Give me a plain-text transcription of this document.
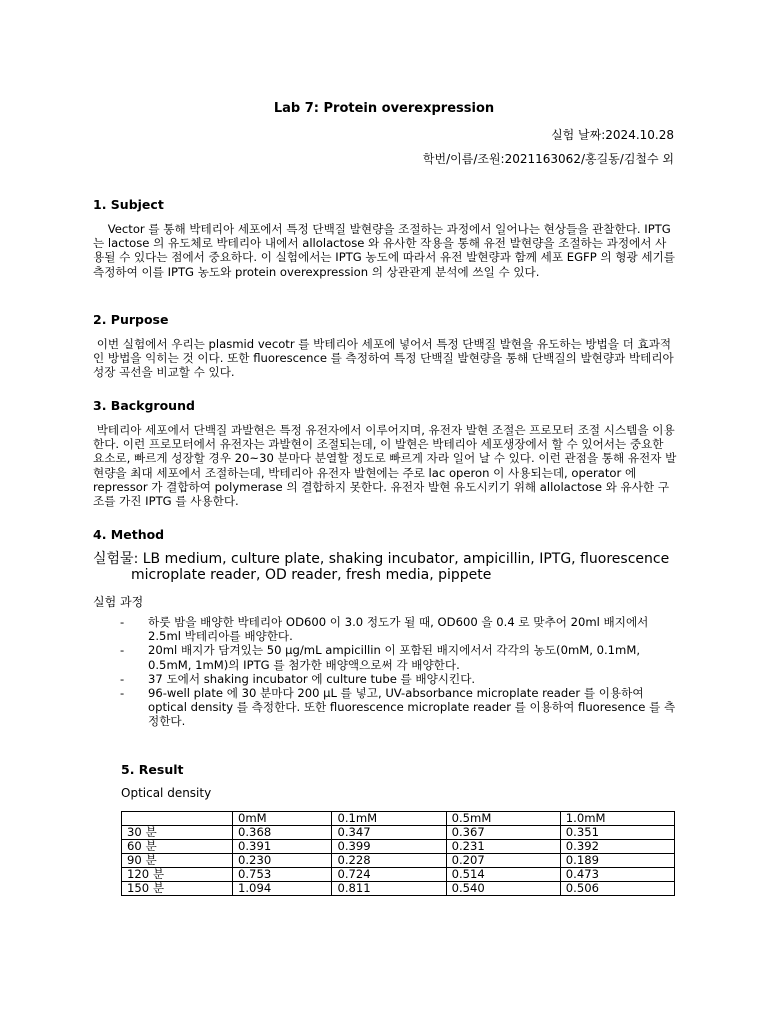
Lab 7: Protein overexpression
실험 날짜:2024.10.28
학번/이름/조원:2021163062/홍길동/김철수 외
1. Subject
Vector 를 통해 박테리아 세포에서 특정 단백질 발현량을 조절하는 과정에서 일어나는 현상들을 관찰한다. IPTG 는 lactose 의 유도체로 박테리아 내에서 allolactose 와 유사한 작용을 통해 유전 발현량을 조절하는 과정에서 사용될 수 있다는 점에서 중요하다. 이 실험에서는 IPTG 농도에 따라서 유전 발현량과 함께 세포 EGFP 의 형광 세기를 측정하여 이를 IPTG 농도와 protein overexpression 의 상관관계 분석에 쓰일 수 있다.
2. Purpose
이번 실험에서 우리는 plasmid vecotr 를 박테리아 세포에 넣어서 특정 단백질 발현을 유도하는 방법을 더 효과적인 방법을 익히는 것 이다. 또한 fluorescence 를 측정하여 특정 단백질 발현량을 통해 단백질의 발현량과 박테리아 성장 곡선을 비교할 수 있다.
3. Background
박테리아 세포에서 단백질 과발현은 특정 유전자에서 이루어지며, 유전자 발현 조절은 프로모터 조절 시스템을 이용한다. 이런 프로모터에서 유전자는 과발현이 조절되는데, 이 발현은 박테리아 세포생장에서 할 수 있어서는 중요한 요소로, 빠르게 성장할 경우 20~30 분마다 분열할 정도로 빠르게 자라 일어 날 수 있다. 이런 관점을 통해 유전자 발현량을 최대 세포에서 조절하는데, 박테리아 유전자 발현에는 주로 lac operon 이 사용되는데, operator 에 repressor 가 결합하여 polymerase 의 결합하지 못한다. 유전자 발현 유도시키기 위해 allolactose 와 유사한 구조를 가진 IPTG 를 사용한다.
4. Method
실험물: LB medium, culture plate, shaking incubator, ampicillin, IPTG, fluorescence
microplate reader, OD reader, fresh media, pippete
실험 과정
- 하룻 밤을 배양한 박테리아 OD600 이 3.0 정도가 될 때, OD600 을 0.4 로 맞추어 20ml 배지에서 2.5ml 박테리아를 배양한다.
- 20ml 배지가 담겨있는 50 μg/mL ampicillin 이 포함된 배지에서서 각각의 농도(0mM, 0.1mM, 0.5mM, 1mM)의 IPTG 를 첨가한 배양액으로써 각 배양한다.
- 37 도에서 shaking incubator 에 culture tube 를 배양시킨다.
- 96-well plate 에 30 분마다 200 μL 를 넣고, UV-absorbance microplate reader 를 이용하여 optical density 를 측정한다. 또한 fluorescence microplate reader 를 이용하여 fluoresence 를 측정한다.
5. Result
Optical density
	0mM	0.1mM	0.5mM	1.0mM
30 분	0.368	0.347	0.367	0.351
60 분	0.391	0.399	0.231	0.392
90 분	0.230	0.228	0.207	0.189
120 분	0.753	0.724	0.514	0.473
150 분	1.094	0.811	0.540	0.506
